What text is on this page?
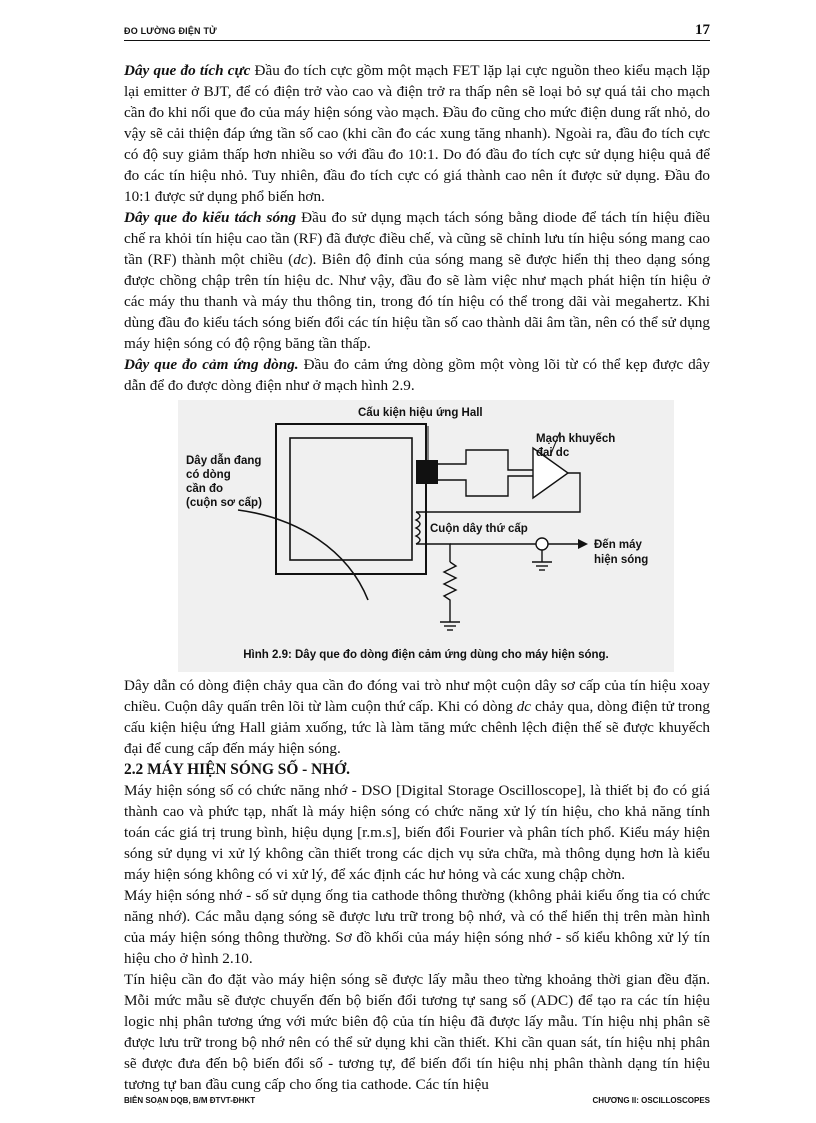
ĐO LƯỜNG ĐIỆN TỬ	17

Dây que đo tích cực Đầu đo tích cực gồm một mạch FET lặp lại cực nguồn theo kiểu mạch lặp lại emitter ở BJT, để có điện trở vào cao và điện trở ra thấp nên sẽ loại bỏ sự quá tải cho mạch cần đo khi nối que đo của máy hiện sóng vào mạch. Đầu đo cũng cho mức điện dung rất nhỏ, do vậy sẽ cải thiện đáp ứng tần số cao (khi cần đo các xung tăng nhanh). Ngoài ra, đầu đo tích cực có độ suy giảm thấp hơn nhiều so với đầu đo 10:1. Do đó đầu đo tích cực sử dụng hiệu quả để đo các tín hiệu nhỏ. Tuy nhiên, đầu đo tích cực có giá thành cao nên ít được sử dụng. Đầu đo 10:1 được sử dụng phổ biến hơn.

Dây que đo kiểu tách sóng Đầu đo sử dụng mạch tách sóng bằng diode để tách tín hiệu điều chế ra khỏi tín hiệu cao tần (RF) đã được điều chế, và cũng sẽ chỉnh lưu tín hiệu sóng mang cao tần (RF) thành một chiều (dc). Biên độ đỉnh của sóng mang sẽ được hiển thị theo dạng sóng được chồng chập trên tín hiệu dc. Như vậy, đầu đo sẽ làm việc như mạch phát hiện tín hiệu ở các máy thu thanh và máy thu thông tin, trong đó tín hiệu có thể trong dãi vài megahertz. Khi dùng đầu đo kiểu tách sóng biến đổi các tín hiệu tần số cao thành dãi âm tần, nên có thể sử dụng máy hiện sóng có độ rộng băng tần thấp.

Dây que đo cảm ứng dòng. Đầu đo cảm ứng dòng gồm một vòng lõi từ có thể kẹp được dây dẫn để đo được dòng điện như ở mạch hình 2.9.

Cấu kiện hiệu ứng Hall
Mạch khuyếch
đại dc
Dây dẫn đang
có dòng
cần đo
(cuộn sơ cấp)
Cuộn dây thứ cấp
Đến máy
hiện sóng
Hình 2.9: Dây que đo dòng điện cảm ứng dùng cho máy hiện sóng.

Dây dẫn có dòng điện chảy qua cần đo đóng vai trò như một cuộn dây sơ cấp của tín hiệu xoay chiều. Cuộn dây quấn trên lõi từ làm cuộn thứ cấp. Khi có dòng dc chảy qua, dòng điện tử trong cấu kiện hiệu ứng Hall giảm xuống, tức là làm tăng mức chênh lệch điện thế sẽ được khuyếch đại để cung cấp đến máy hiện sóng.

2.2 MÁY HIỆN SÓNG SỐ - NHỚ.

Máy hiện sóng số có chức năng nhớ - DSO [Digital Storage Oscilloscope], là thiết bị đo có giá thành cao và phức tạp, nhất là máy hiện sóng có chức năng xử lý tín hiệu, cho khả năng tính toán các giá trị trung bình, hiệu dụng [r.m.s], biến đổi Fourier và phân tích phổ. Kiểu máy hiện sóng sử dụng vi xử lý không cần thiết trong các dịch vụ sửa chữa, mà thông dụng hơn là kiểu máy hiện sóng không có vi xử lý, để xác định các hư hỏng và các xung chập chờn.

Máy hiện sóng nhớ - số sử dụng ống tia cathode thông thường (không phải kiểu ống tia có chức năng nhớ). Các mẫu dạng sóng sẽ được lưu trữ trong bộ nhớ, và có thể hiển thị trên màn hình của máy hiện sóng thông thường. Sơ đồ khối của máy hiện sóng nhớ - số kiểu không xử lý tín hiệu cho ở hình 2.10.

Tín hiệu cần đo đặt vào máy hiện sóng sẽ được lấy mẫu theo từng khoảng thời gian đều đặn. Mỗi mức mẫu sẽ được chuyển đến bộ biến đổi tương tự sang số (ADC) để tạo ra các tín hiệu logic nhị phân tương ứng với mức biên độ của tín hiệu đã được lấy mẫu. Tín hiệu nhị phân sẽ được lưu trữ trong bộ nhớ nên có thể sử dụng khi cần thiết. Khi cần quan sát, tín hiệu nhị phân sẽ được đưa đến bộ biến đổi số - tương tự, để biến đổi tín hiệu nhị phân thành dạng tín hiệu tương tự ban đầu cung cấp cho ống tia cathode. Các tín hiệu

BIÊN SOẠN DQB, B/M ĐTVT-ĐHKT	CHƯƠNG II: OSCILLOSCOPES
